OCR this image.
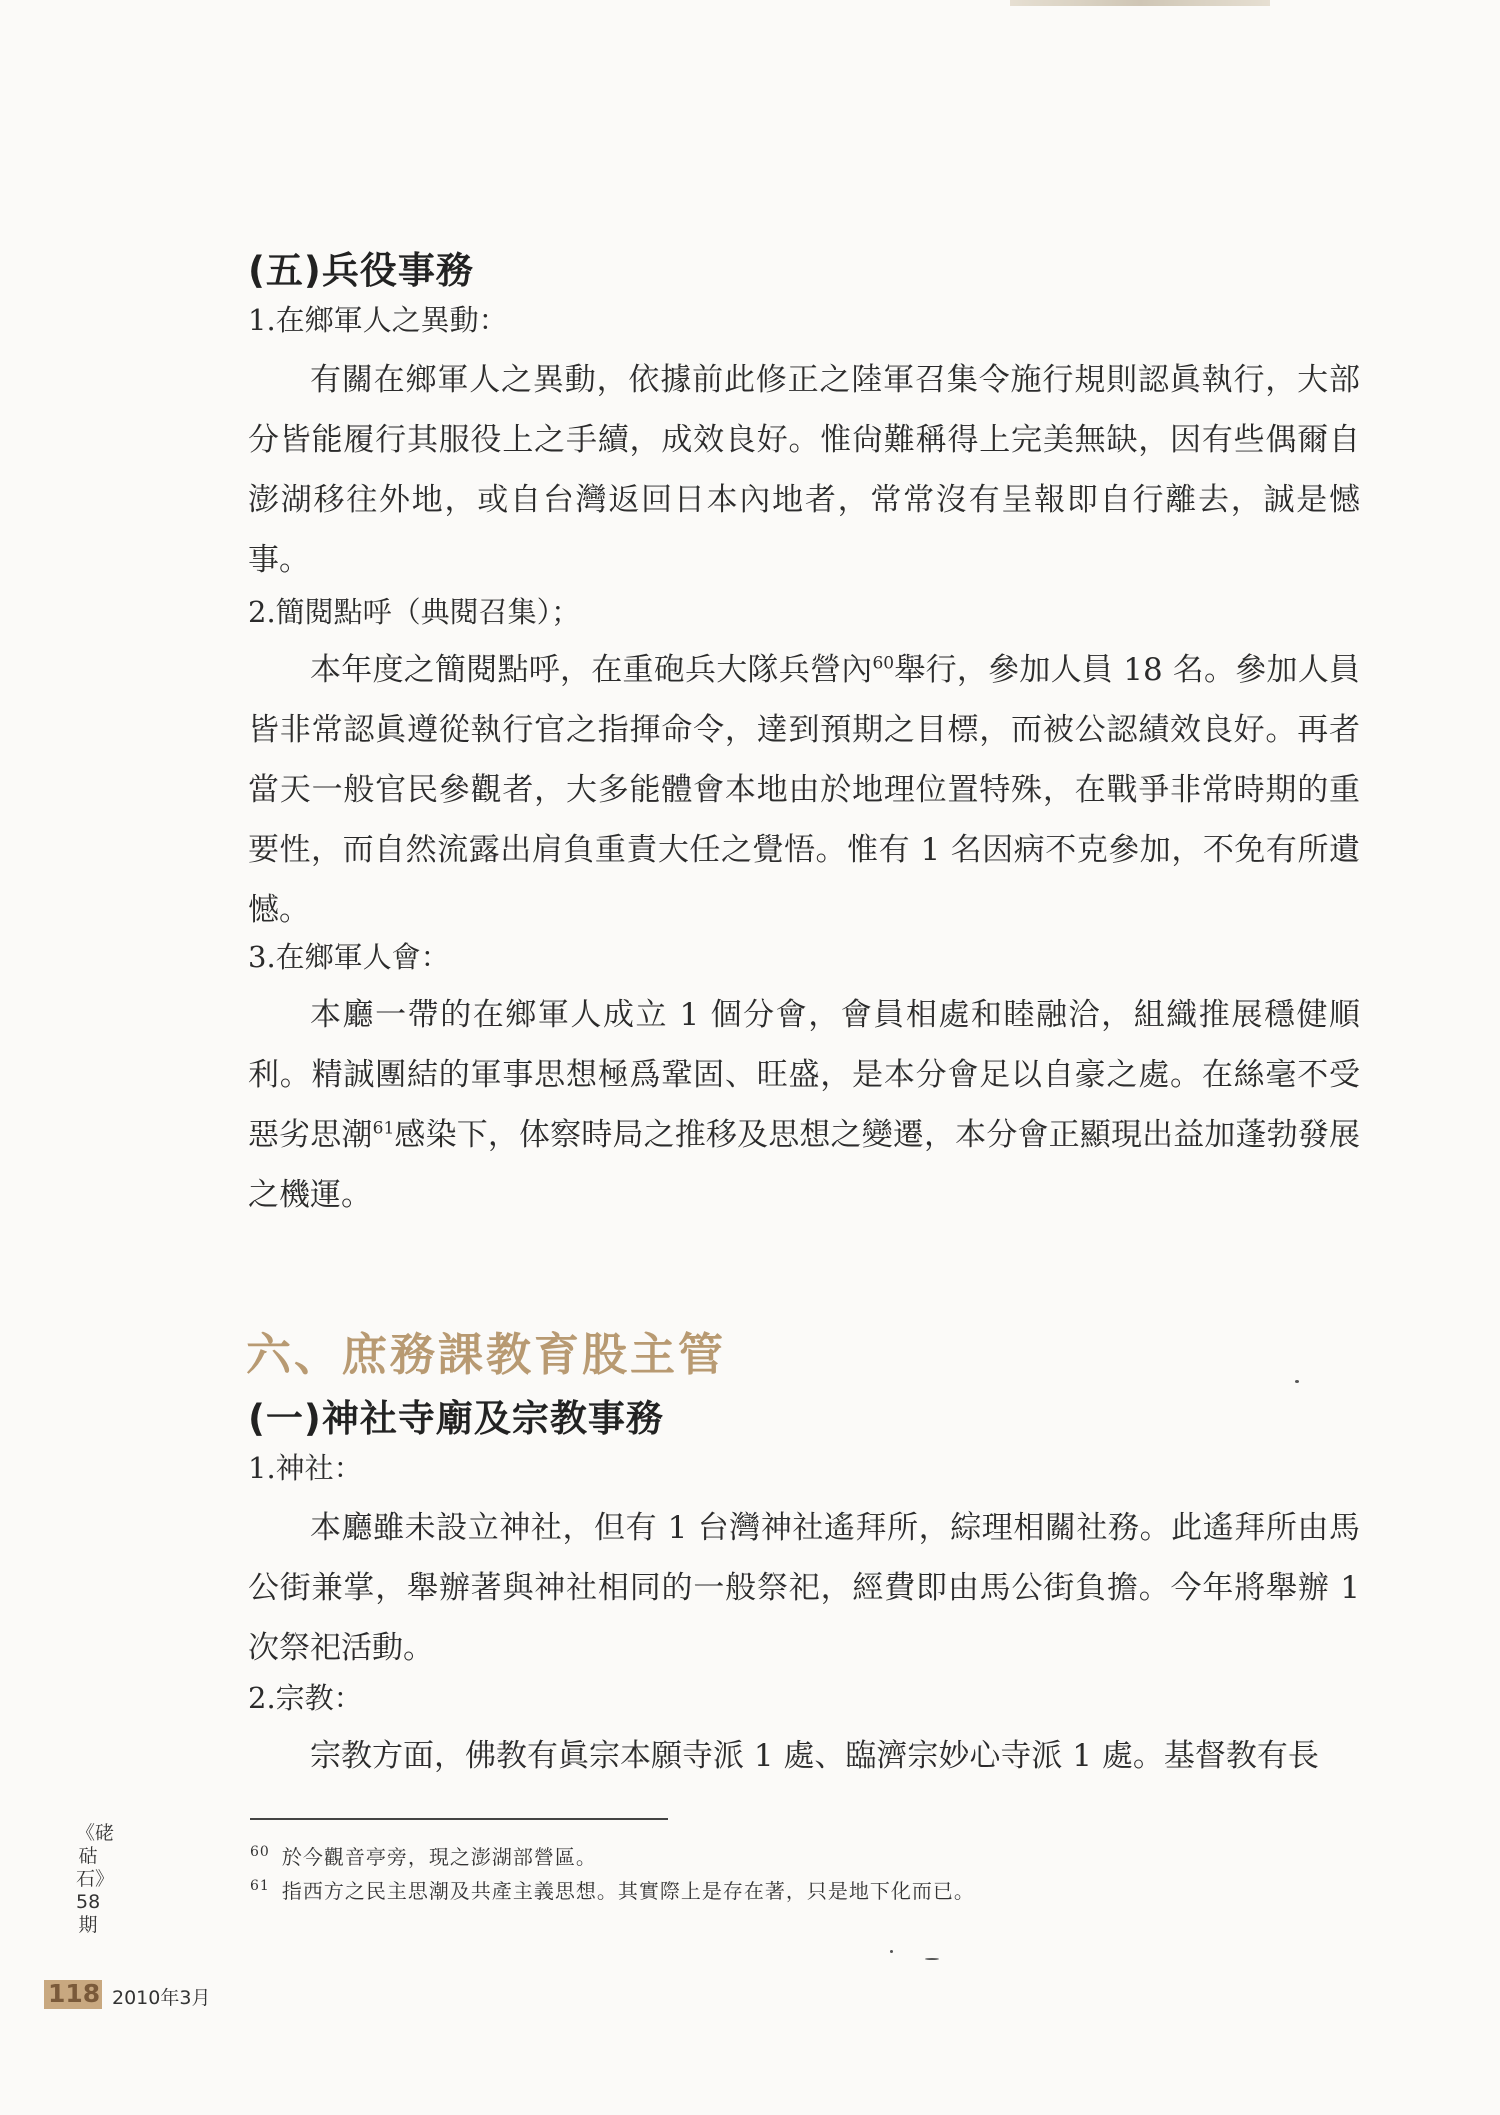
(五)兵役事務
1.在鄉軍人之異動：

有關在鄉軍人之異動，依據前此修正之陸軍召集令施行規則認眞執行，大部分皆能履行其服役上之手續，成效良好。惟尙難稱得上完美無缺，因有些偶爾自澎湖移往外地，或自台灣返回日本內地者，常常沒有呈報即自行離去，誠是憾事。

2.簡閱點呼（典閱召集）；

本年度之簡閱點呼，在重砲兵大隊兵營內$^{60}$舉行，參加人員 18 名。參加人員皆非常認眞遵從執行官之指揮命令，達到預期之目標，而被公認績效良好。再者當天一般官民參觀者，大多能體會本地由於地理位置特殊，在戰爭非常時期的重要性，而自然流露出肩負重責大任之覺悟。惟有 1 名因病不克參加，不免有所遺憾。

3.在鄉軍人會：

本廳一帶的在鄉軍人成立 1 個分會，會員相處和睦融洽，組織推展穩健順利。精誠團結的軍事思想極爲鞏固、旺盛，是本分會足以自豪之處。在絲毫不受惡劣思潮$^{61}$感染下，体察時局之推移及思想之變遷，本分會正顯現出益加蓬勃發展之機運。

六、庶務課教育股主管
(一)神社寺廟及宗教事務
1.神社：

本廳雖未設立神社，但有 1 台灣神社遙拜所，綜理相關社務。此遙拜所由馬公街兼掌，舉辦著與神社相同的一般祭祀，經費即由馬公街負擔。今年將舉辦 1 次祭祀活動。

2.宗教：

宗教方面，佛教有眞宗本願寺派 1 處、臨濟宗妙心寺派 1 處。基督教有長

$^{60}$ 於今觀音亭旁，現之澎湖部營區。
$^{61}$ 指西方之民主思潮及共產主義思想。其實際上是存在著，只是地下化而已。
《硓𥑮石》58期
118 2010年3月
